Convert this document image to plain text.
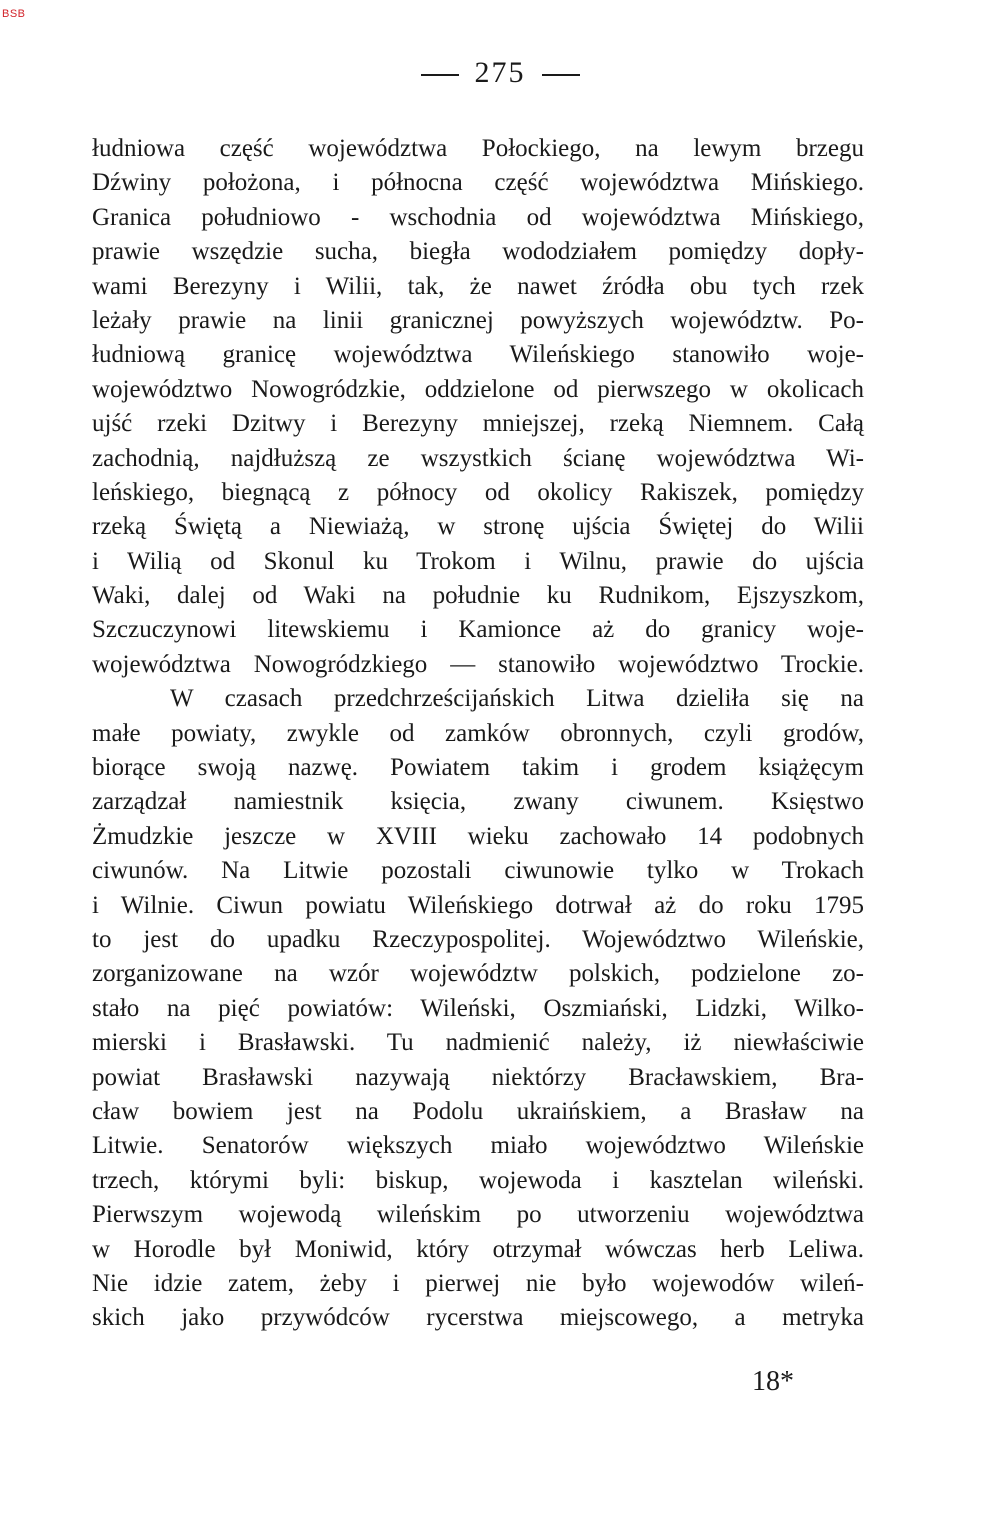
BSB
275
łudniowa część województwa Połockiego, na lewym brzegu
Dźwiny położona, i północna część województwa Mińskiego.
Granica południowo - wschodnia od województwa Mińskiego,
prawie wszędzie sucha, biegła wododziałem pomiędzy dopły-
wami Berezyny i Wilii, tak, że nawet źródła obu tych rzek
leżały prawie na linii granicznej powyższych województw. Po-
łudniową granicę województwa Wileńskiego stanowiło woje-
województwo Nowogródzkie, oddzielone od pierwszego w okolicach
ujść rzeki Dzitwy i Berezyny mniejszej, rzeką Niemnem. Całą
zachodnią, najdłuższą ze wszystkich ścianę województwa Wi-
leńskiego, biegnącą z północy od okolicy Rakiszek, pomiędzy
rzeką Świętą a Niewiażą, w stronę ujścia Świętej do Wilii
i Wilią od Skonul ku Trokom i Wilnu, prawie do ujścia
Waki, dalej od Waki na południe ku Rudnikom, Ejszyszkom,
Szczuczynowi litewskiemu i Kamionce aż do granicy woje-
województwa Nowogródzkiego — stanowiło województwo Trockie.
W czasach przedchrześcijańskich Litwa dzieliła się na
małe powiaty, zwykle od zamków obronnych, czyli grodów,
biorące swoją nazwę. Powiatem takim i grodem książęcym
zarządzał namiestnik księcia, zwany ciwunem. Księstwo
Żmudzkie jeszcze w XVIII wieku zachowało 14 podobnych
ciwunów. Na Litwie pozostali ciwunowie tylko w Trokach
i Wilnie. Ciwun powiatu Wileńskiego dotrwał aż do roku 1795
to jest do upadku Rzeczypospolitej. Województwo Wileńskie,
zorganizowane na wzór województw polskich, podzielone zo-
stało na pięć powiatów: Wileński, Oszmiański, Lidzki, Wilko-
mierski i Brasławski. Tu nadmienić należy, iż niewłaściwie
powiat Brasławski nazywają niektórzy Bracławskiem, Bra-
cław bowiem jest na Podolu ukraińskiem, a Brasław na
Litwie. Senatorów większych miało województwo Wileńskie
trzech, którymi byli: biskup, wojewoda i kasztelan wileński.
Pierwszym wojewodą wileńskim po utworzeniu województwa
w Horodle był Moniwid, który otrzymał wówczas herb Leliwa.
Nie idzie zatem, żeby i pierwej nie było wojewodów wileń-
skich jako przywódców rycerstwa miejscowego, a metryka
18*
